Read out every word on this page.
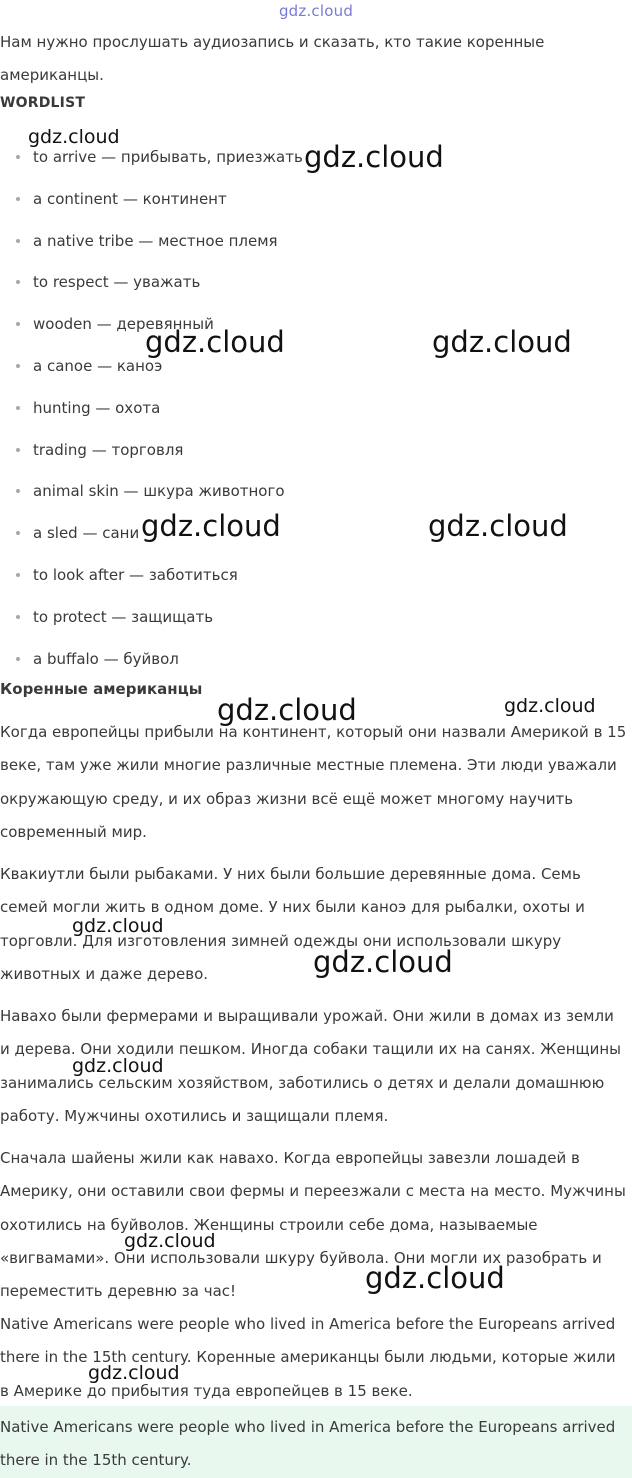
gdz.cloud
Нам нужно прослушать аудиозапись и сказать, кто такие коренные американцы.
WORDLIST
to arrive — прибывать, приезжать
a continent — континент
a native tribe — местное племя
to respect — уважать
wooden — деревянный
a canoe — каноэ
hunting — охота
trading — торговля
animal skin — шкура животного
a sled — сани
to look after — заботиться
to protect — защищать
a buffalo — буйвол
Коренные американцы

Когда европейцы прибыли на континент, который они назвали Америкой в 15 веке, там уже жили многие различные местные племена. Эти люди уважали окружающую среду, и их образ жизни всё ещё может многому научить современный мир.

Квакиутли были рыбаками. У них были большие деревянные дома. Семь семей могли жить в одном доме. У них были каноэ для рыбалки, охоты и торговли. Для изготовления зимней одежды они использовали шкуру животных и даже дерево.

Навахо были фермерами и выращивали урожай. Они жили в домах из земли и дерева. Они ходили пешком. Иногда собаки тащили их на санях. Женщины занимались сельским хозяйством, заботились о детях и делали домашнюю работу. Мужчины охотились и защищали племя.

Сначала шайены жили как навахо. Когда европейцы завезли лошадей в Америку, они оставили свои фермы и переезжали с места на место. Мужчины охотились на буйволов. Женщины строили себе дома, называемые «вигвамами». Они использовали шкуру буйвола. Они могли их разобрать и переместить деревню за час!

Native Americans were people who lived in America before the Europeans arrived there in the 15th century. Коренные американцы были людьми, которые жили в Америке до прибытия туда европейцев в 15 веке.

Native Americans were people who lived in America before the Europeans arrived there in the 15th century.
gdz.cloud
gdz.cloud
gdz.cloud	gdz.cloud
gdz.cloud	gdz.cloud
gdz.cloud	gdz.cloud
gdz.cloud
gdz.cloud
gdz.cloud
gdz.cloud
gdz.cloud
gdz.cloud
